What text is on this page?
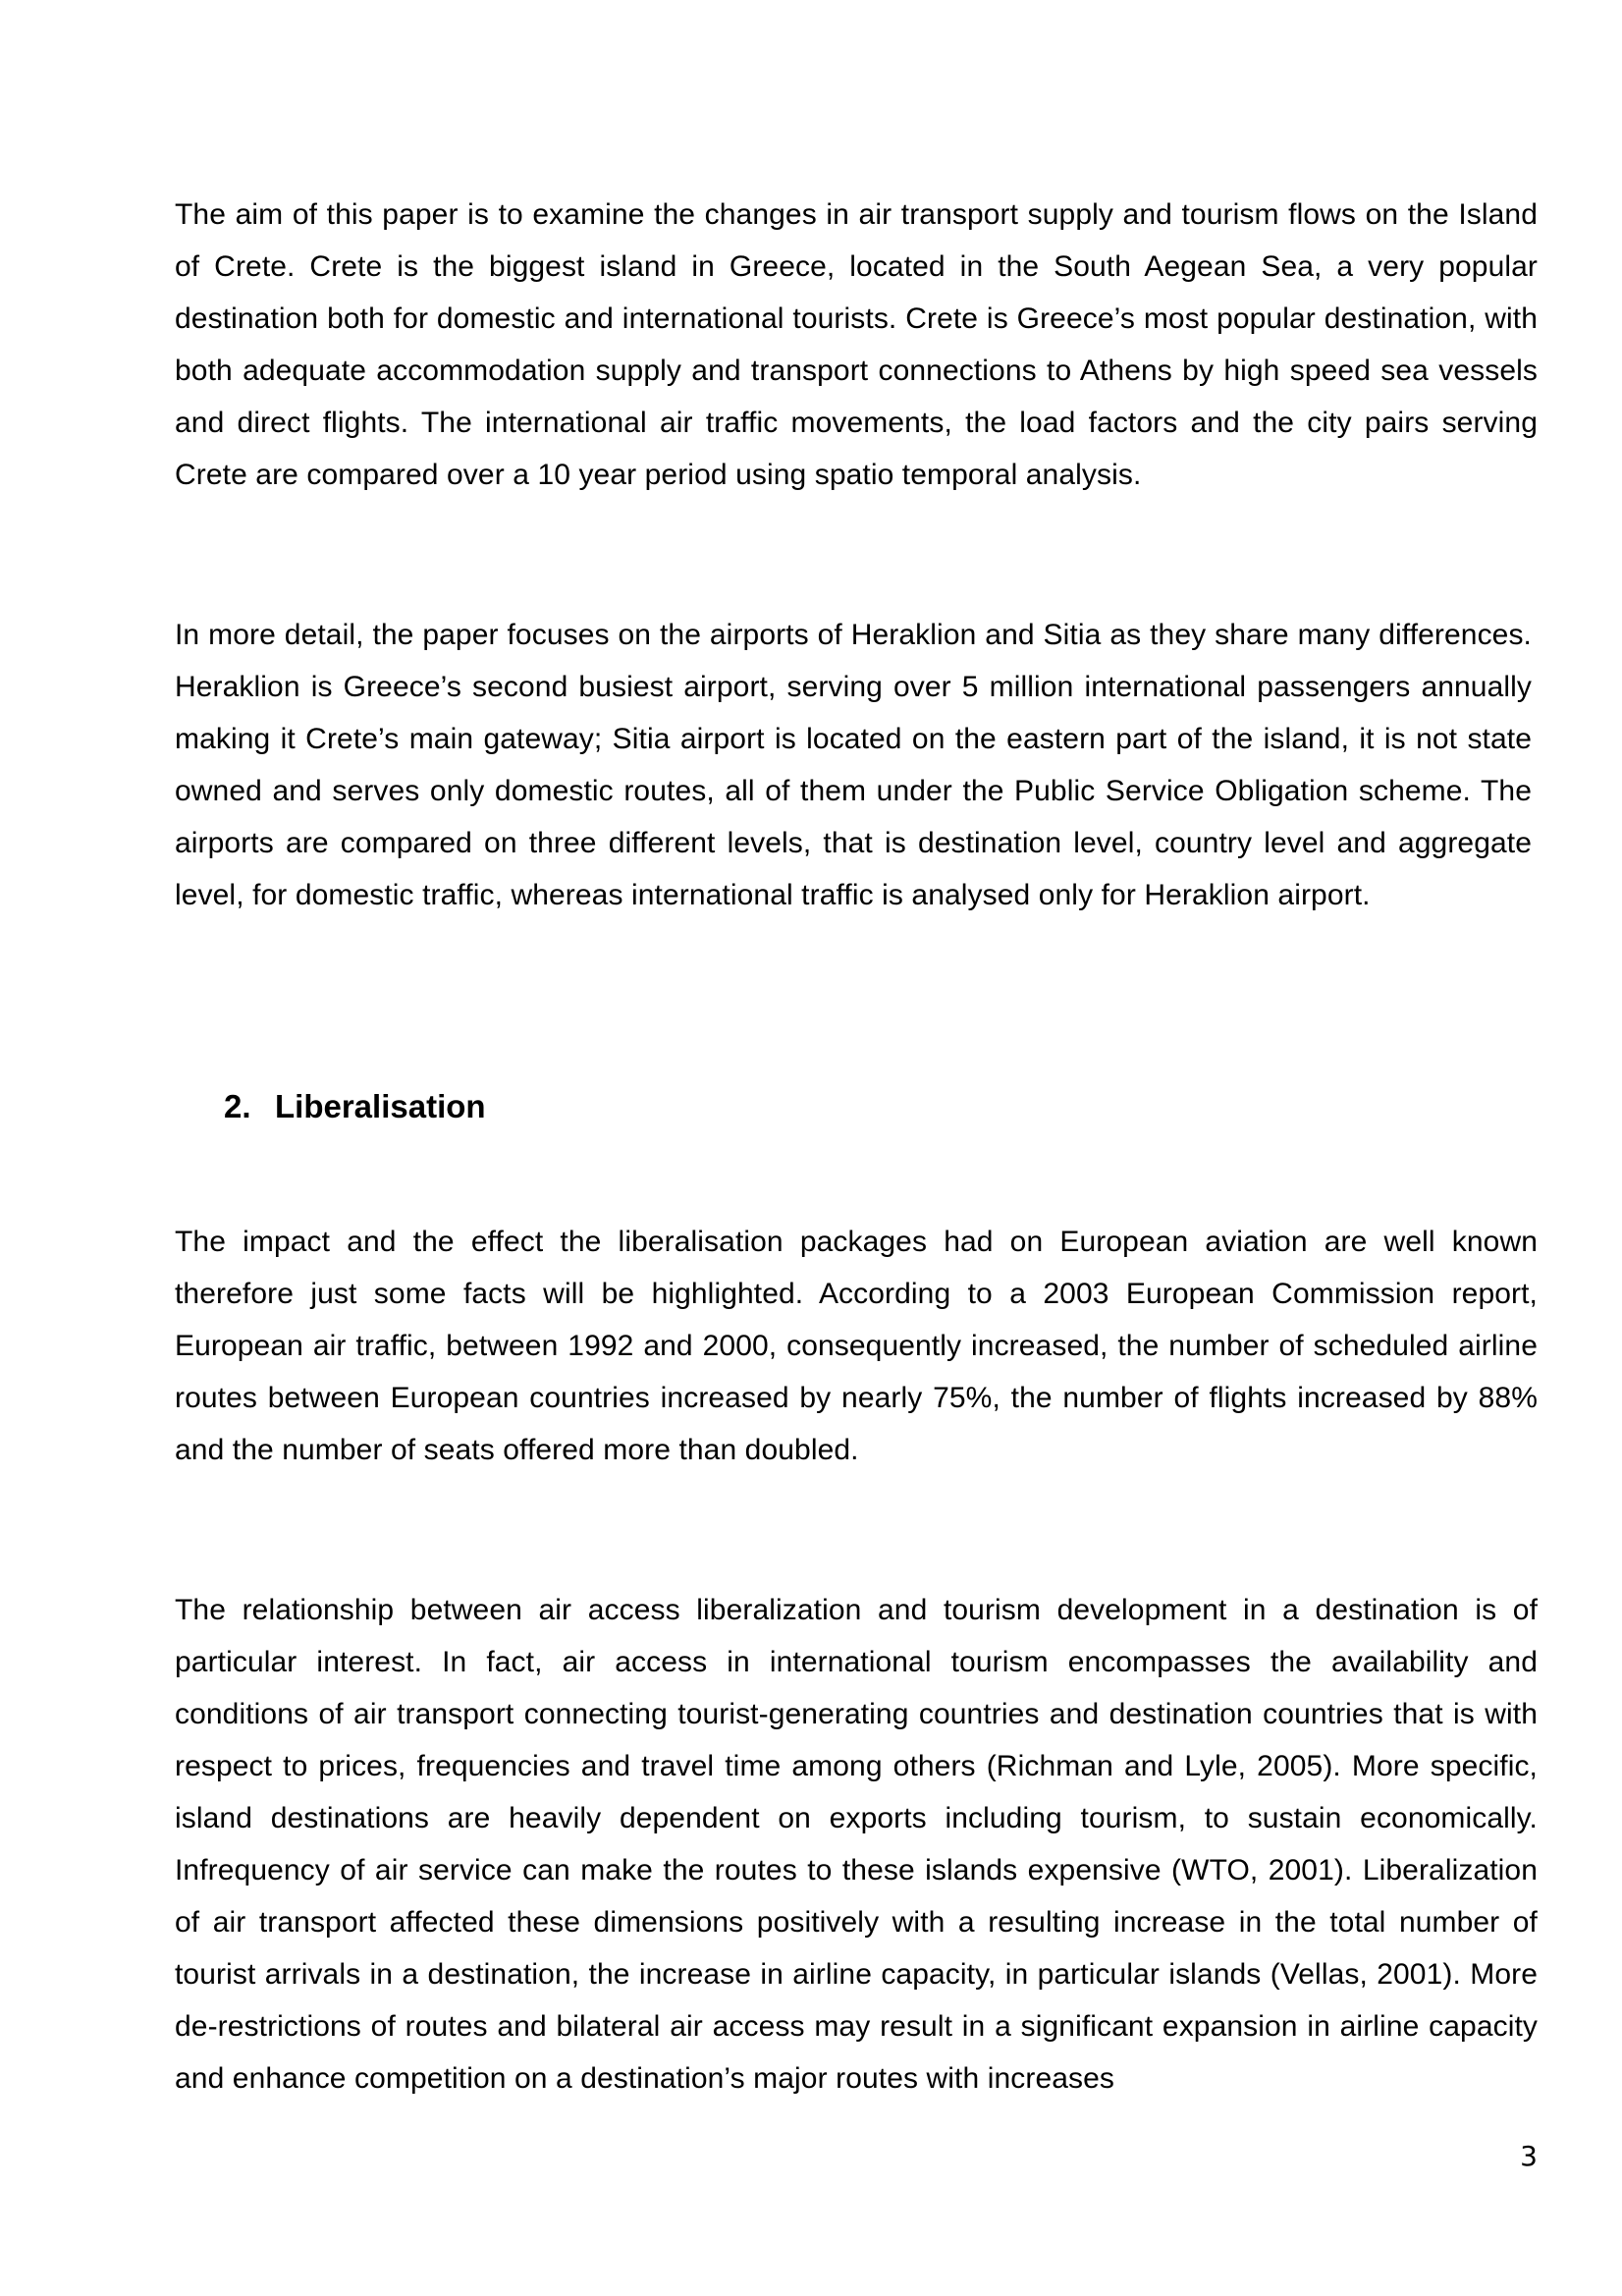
The aim of this paper is to examine the changes in air transport supply and tourism flows on the Island of Crete. Crete is the biggest island in Greece, located in the South Aegean Sea, a very popular destination both for domestic and international tourists. Crete is Greece’s most popular destination, with both adequate accommodation supply and transport connections to Athens by high speed sea vessels and direct flights. The international air traffic movements, the load factors and the city pairs serving Crete are compared over a 10 year period using spatio temporal analysis.

In more detail, the paper focuses on the airports of Heraklion and Sitia as they share many differences. Heraklion is Greece’s second busiest airport, serving over 5 million international passengers annually making it Crete’s main gateway; Sitia airport is located on the eastern part of the island, it is not state owned and serves only domestic routes, all of them under the Public Service Obligation scheme. The airports are compared on three different levels, that is destination level, country level and aggregate level, for domestic traffic, whereas international traffic is analysed only for Heraklion airport.

2. Liberalisation

The impact and the effect the liberalisation packages had on European aviation are well known therefore just some facts will be highlighted. According to a 2003 European Commission report, European air traffic, between 1992 and 2000, consequently increased, the number of scheduled airline routes between European countries increased by nearly 75%, the number of flights increased by 88% and the number of seats offered more than doubled.

The relationship between air access liberalization and tourism development in a destination is of particular interest. In fact, air access in international tourism encompasses the availability and conditions of air transport connecting tourist-generating countries and destination countries that is with respect to prices, frequencies and travel time among others (Richman and Lyle, 2005). More specific, island destinations are heavily dependent on exports including tourism, to sustain economically. Infrequency of air service can make the routes to these islands expensive (WTO, 2001). Liberalization of air transport affected these dimensions positively with a resulting increase in the total number of tourist arrivals in a destination, the increase in airline capacity, in particular islands (Vellas, 2001). More de-restrictions of routes and bilateral air access may result in a significant expansion in airline capacity and enhance competition on a destination’s major routes with increases

3
